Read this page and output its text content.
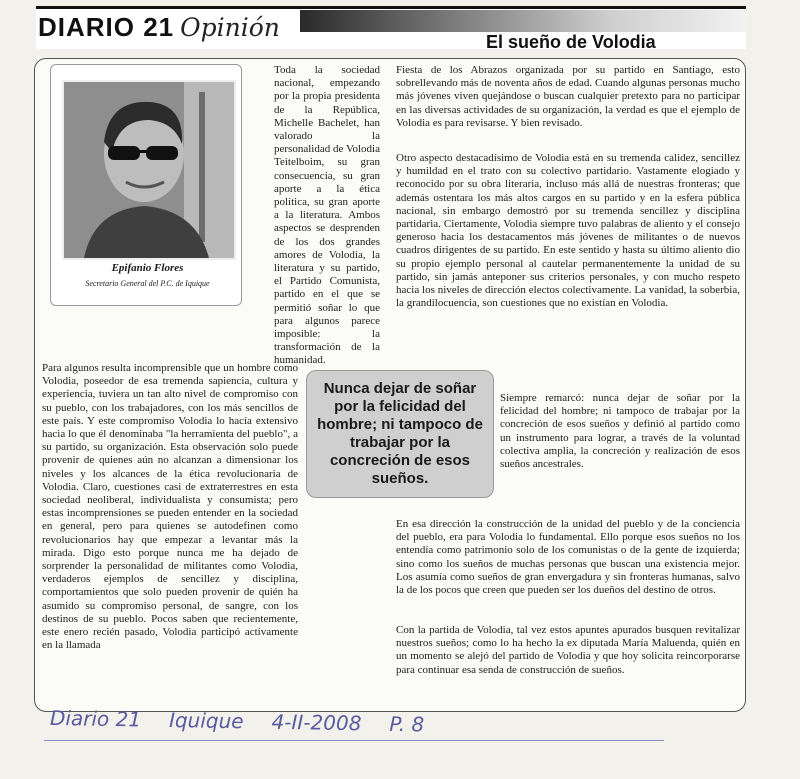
DIARIO 21 Opinión
El sueño de Volodia
Epifanio Flores
Secretario General del P.C. de Iquique
Toda la sociedad nacional, empezando por la propia presidenta de la República, Michelle Bachelet, han valorado la personalidad de Volodia Teitelboim, su gran consecuencia, su gran aporte a la ética política, su gran aporte a la literatura. Ambos aspectos se desprenden de los dos grandes amores de Volodia, la literatura y su partido, el Partido Comunista, partido en el que se permitió soñar lo que para algunos parece imposible: la transformación de la humanidad.
Para algunos resulta incomprensible que un hombre como Volodia, poseedor de esa tremenda sapiencia, cultura y experiencia, tuviera un tan alto nivel de compromiso con su pueblo, con los trabajadores, con los más sencillos de este país. Y este compromiso Volodia lo hacía extensivo hacia lo que él denominaba "la herramienta del pueblo", a su partido, su organización. Esta observación solo puede provenir de quienes aún no alcanzan a dimensionar los niveles y los alcances de la ética revolucionaria de Volodia. Claro, cuestiones casi de extraterrestres en esta sociedad neoliberal, individualista y consumista; pero estas incomprensiones se pueden entender en la sociedad en general, pero para quienes se autodefinen como revolucionarios hay que empezar a levantar más la mirada. Digo esto porque nunca me ha dejado de sorprender la personalidad de militantes como Volodia, verdaderos ejemplos de sencillez y disciplina, comportamientos que solo pueden provenir de quién ha asumido su compromiso personal, de sangre, con los destinos de su pueblo. Pocos saben que recientemente, este enero recién pasado, Volodia participó activamente en la llamada
Fiesta de los Abrazos organizada por su partido en Santiago, esto sobrellevando más de noventa años de edad. Cuando algunas personas mucho más jóvenes viven quejándose o buscan cualquier pretexto para no participar en las diversas actividades de su organización, la verdad es que el ejemplo de Volodia es para revisarse. Y bien revisado.
Otro aspecto destacadísimo de Volodia está en su tremenda calidez, sencillez y humildad en el trato con su colectivo partidario. Vastamente elogiado y reconocido por su obra literaria, incluso más allá de nuestras fronteras; que además ostentara los más altos cargos en su partido y en la esfera pública nacional, sin embargo demostró por su tremenda sencillez y disciplina partidaria. Ciertamente, Volodia siempre tuvo palabras de aliento y el consejo generoso hacia los destacamentos más jóvenes de militantes o de nuevos cuadros dirigentes de su partido. En este sentido y hasta su último aliento dio su propio ejemplo personal al cautelar permanentemente la unidad de su partido, sin jamás anteponer sus criterios personales, y con mucho respeto hacia los niveles de dirección electos colectivamente. La vanidad, la soberbia, la grandilocuencia, son cuestiones que no existían en Volodia.
Siempre remarcó: nunca dejar de soñar por la felicidad del hombre; ni tampoco de trabajar por la concreción de esos sueños y definió al partido como un instrumento para lograr, a través de la voluntad colectiva amplia, la concreción y realización de esos sueños ancestrales.
En esa dirección la construcción de la unidad del pueblo y de la conciencia del pueblo, era para Volodia lo fundamental. Ello porque esos sueños no los entendía como patrimonio solo de los comunistas o de la gente de izquierda; sino como los sueños de muchas personas que buscan una existencia mejor. Los asumía como sueños de gran envergadura y sin fronteras humanas, salvo la de los pocos que creen que pueden ser los dueños del destino de otros.
Con la partida de Volodia, tal vez estos apuntes apurados busquen revitalizar nuestros sueños; como lo ha hecho la ex diputada María Maluenda, quién en un momento se alejó del partido de Volodia y que hoy solicita reincorporarse para continuar esa senda de construcción de sueños.
Nunca dejar de soñar por la felicidad del hombre; ni tampoco de trabajar por la concreción de esos sueños.
Diario 21 Iquique 4-II-2008 P. 8
